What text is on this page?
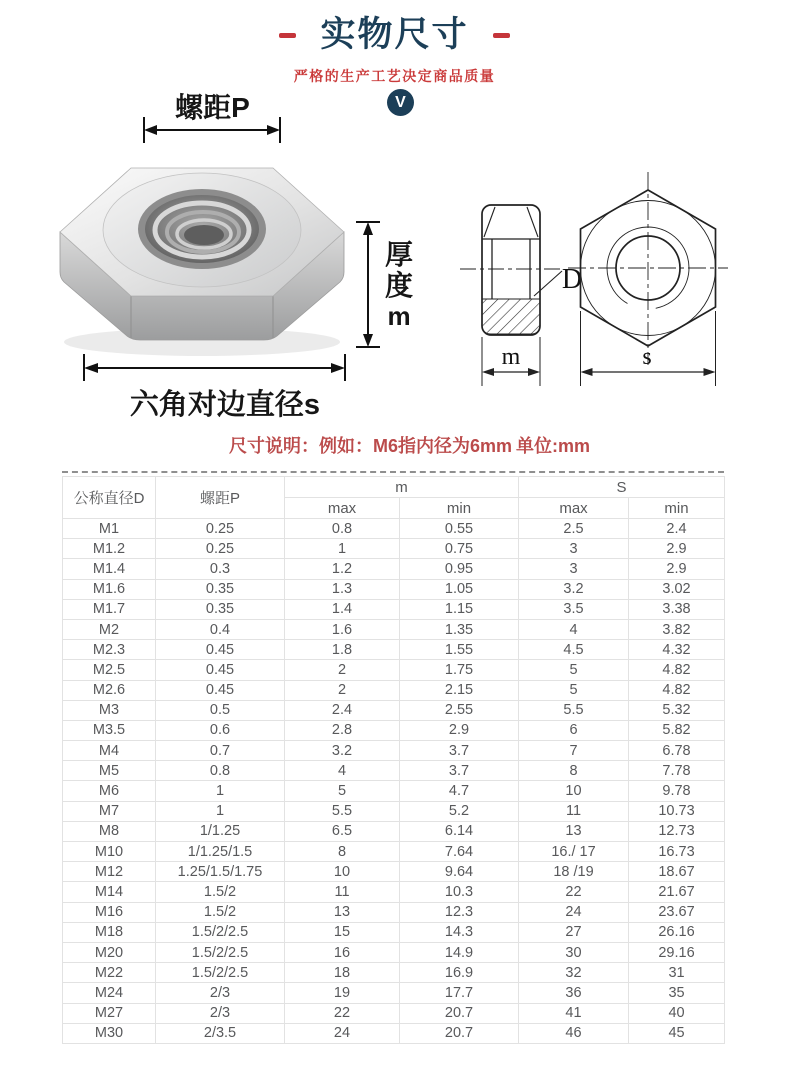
实物尺寸
严格的生产工艺决定商品质量
V
螺距P
厚度
m
六角对边直径s
D
m	s
尺寸说明：例如：M6指内径为6mm 单位:mm
公称直径D	螺距P	m		S	
		max	min	max	min
M1	0.25	0.8	0.55	2.5	2.4
M1.2	0.25	1	0.75	3	2.9
M1.4	0.3	1.2	0.95	3	2.9
M1.6	0.35	1.3	1.05	3.2	3.02
M1.7	0.35	1.4	1.15	3.5	3.38
M2	0.4	1.6	1.35	4	3.82
M2.3	0.45	1.8	1.55	4.5	4.32
M2.5	0.45	2	1.75	5	4.82
M2.6	0.45	2	2.15	5	4.82
M3	0.5	2.4	2.55	5.5	5.32
M3.5	0.6	2.8	2.9	6	5.82
M4	0.7	3.2	3.7	7	6.78
M5	0.8	4	3.7	8	7.78
M6	1	5	4.7	10	9.78
M7	1	5.5	5.2	11	10.73
M8	1/1.25	6.5	6.14	13	12.73
M10	1/1.25/1.5	8	7.64	16./ 17	16.73
M12	1.25/1.5/1.75	10	9.64	18 /19	18.67
M14	1.5/2	11	10.3	22	21.67
M16	1.5/2	13	12.3	24	23.67
M18	1.5/2/2.5	15	14.3	27	26.16
M20	1.5/2/2.5	16	14.9	30	29.16
M22	1.5/2/2.5	18	16.9	32	31
M24	2/3	19	17.7	36	35
M27	2/3	22	20.7	41	40
M30	2/3.5	24	20.7	46	45
